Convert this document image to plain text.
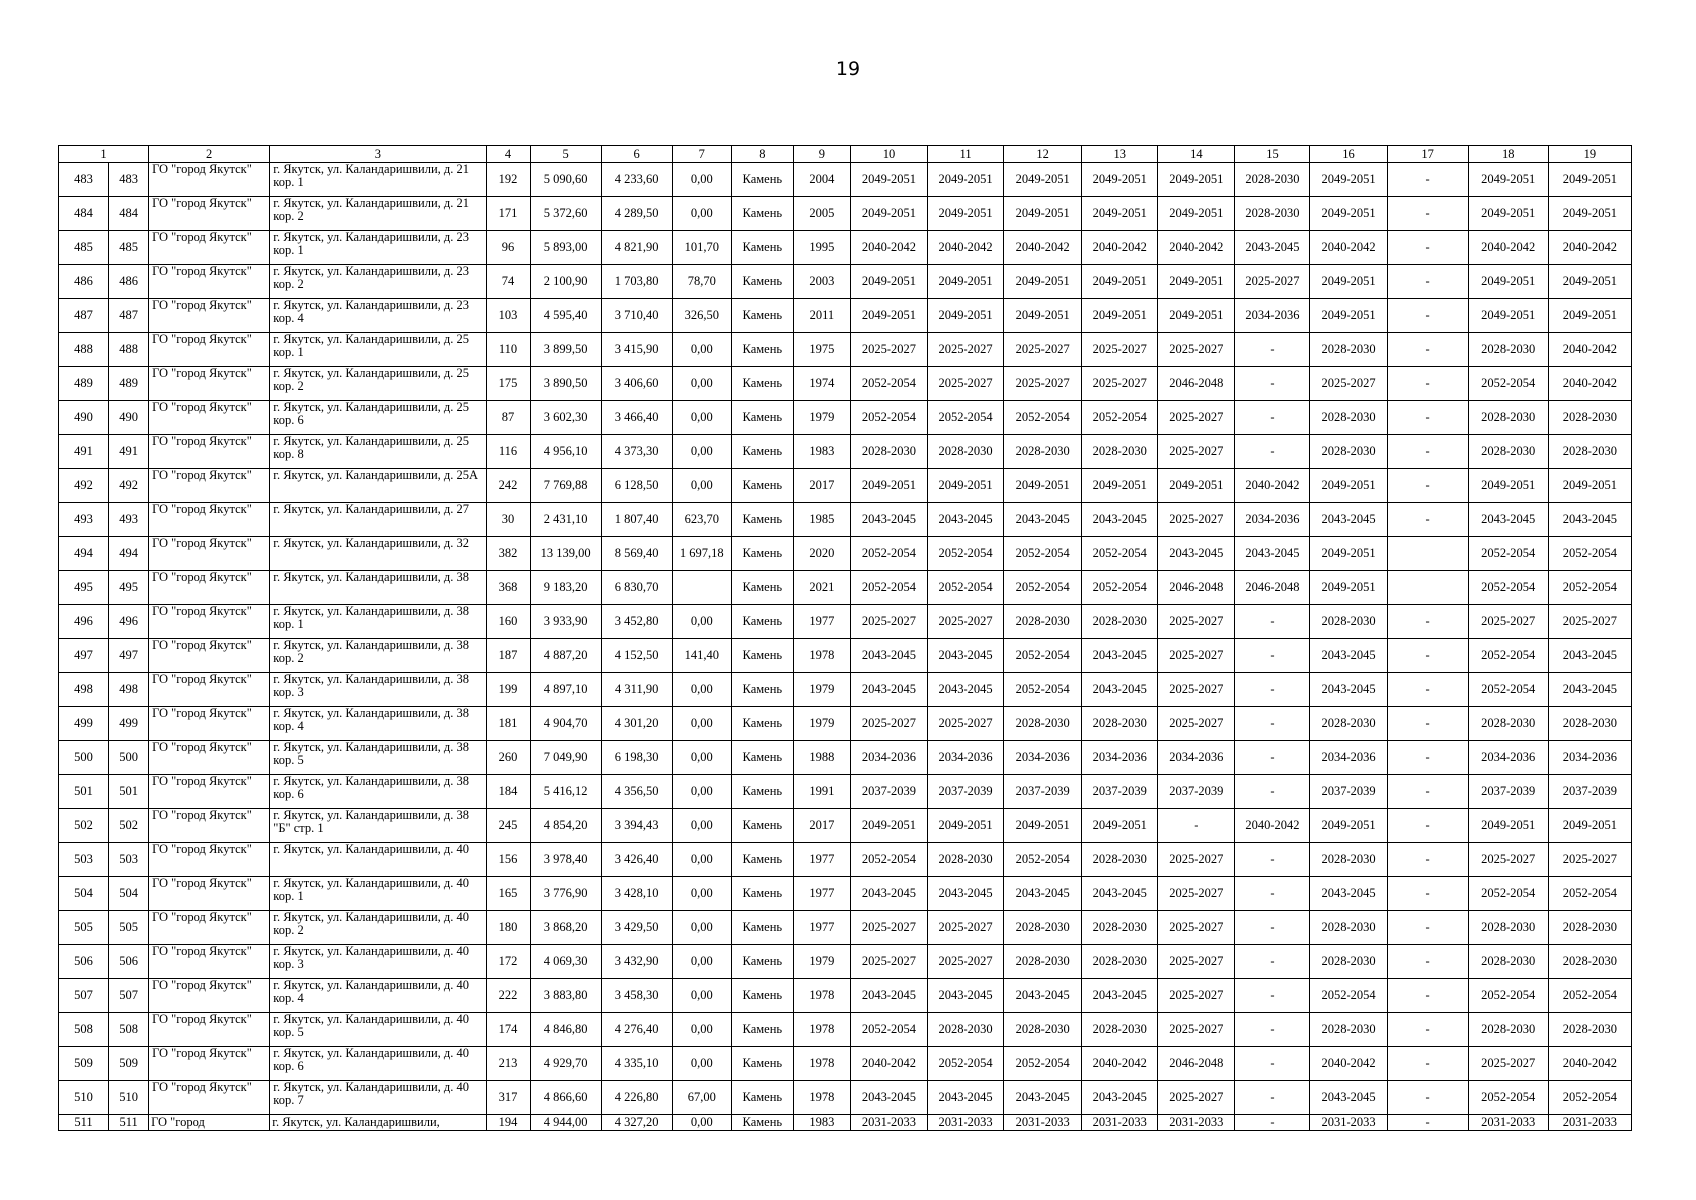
19
1		2	3	4	5	6	7	8	9	10	11	12	13	14	15	16	17	18	19
483	483	ГО "город Якутск"	г. Якутск, ул. Каландаришвили, д. 21 кор. 1	192	5 090,60	4 233,60	0,00	Камень	2004	2049-2051	2049-2051	2049-2051	2049-2051	2049-2051	2028-2030	2049-2051	-	2049-2051	2049-2051
484	484	ГО "город Якутск"	г. Якутск, ул. Каландаришвили, д. 21 кор. 2	171	5 372,60	4 289,50	0,00	Камень	2005	2049-2051	2049-2051	2049-2051	2049-2051	2049-2051	2028-2030	2049-2051	-	2049-2051	2049-2051
485	485	ГО "город Якутск"	г. Якутск, ул. Каландаришвили, д. 23 кор. 1	96	5 893,00	4 821,90	101,70	Камень	1995	2040-2042	2040-2042	2040-2042	2040-2042	2040-2042	2043-2045	2040-2042	-	2040-2042	2040-2042
486	486	ГО "город Якутск"	г. Якутск, ул. Каландаришвили, д. 23 кор. 2	74	2 100,90	1 703,80	78,70	Камень	2003	2049-2051	2049-2051	2049-2051	2049-2051	2049-2051	2025-2027	2049-2051	-	2049-2051	2049-2051
487	487	ГО "город Якутск"	г. Якутск, ул. Каландаришвили, д. 23 кор. 4	103	4 595,40	3 710,40	326,50	Камень	2011	2049-2051	2049-2051	2049-2051	2049-2051	2049-2051	2034-2036	2049-2051	-	2049-2051	2049-2051
488	488	ГО "город Якутск"	г. Якутск, ул. Каландаришвили, д. 25 кор. 1	110	3 899,50	3 415,90	0,00	Камень	1975	2025-2027	2025-2027	2025-2027	2025-2027	2025-2027	-	2028-2030	-	2028-2030	2040-2042
489	489	ГО "город Якутск"	г. Якутск, ул. Каландаришвили, д. 25 кор. 2	175	3 890,50	3 406,60	0,00	Камень	1974	2052-2054	2025-2027	2025-2027	2025-2027	2046-2048	-	2025-2027	-	2052-2054	2040-2042
490	490	ГО "город Якутск"	г. Якутск, ул. Каландаришвили, д. 25 кор. 6	87	3 602,30	3 466,40	0,00	Камень	1979	2052-2054	2052-2054	2052-2054	2052-2054	2025-2027	-	2028-2030	-	2028-2030	2028-2030
491	491	ГО "город Якутск"	г. Якутск, ул. Каландаришвили, д. 25 кор. 8	116	4 956,10	4 373,30	0,00	Камень	1983	2028-2030	2028-2030	2028-2030	2028-2030	2025-2027	-	2028-2030	-	2028-2030	2028-2030
492	492	ГО "город Якутск"	г. Якутск, ул. Каландаришвили, д. 25А	242	7 769,88	6 128,50	0,00	Камень	2017	2049-2051	2049-2051	2049-2051	2049-2051	2049-2051	2040-2042	2049-2051	-	2049-2051	2049-2051
493	493	ГО "город Якутск"	г. Якутск, ул. Каландаришвили, д. 27	30	2 431,10	1 807,40	623,70	Камень	1985	2043-2045	2043-2045	2043-2045	2043-2045	2025-2027	2034-2036	2043-2045	-	2043-2045	2043-2045
494	494	ГО "город Якутск"	г. Якутск, ул. Каландаришвили, д. 32	382	13 139,00	8 569,40	1 697,18	Камень	2020	2052-2054	2052-2054	2052-2054	2052-2054	2043-2045	2043-2045	2049-2051		2052-2054	2052-2054
495	495	ГО "город Якутск"	г. Якутск, ул. Каландаришвили, д. 38	368	9 183,20	6 830,70		Камень	2021	2052-2054	2052-2054	2052-2054	2052-2054	2046-2048	2046-2048	2049-2051		2052-2054	2052-2054
496	496	ГО "город Якутск"	г. Якутск, ул. Каландаришвили, д. 38 кор. 1	160	3 933,90	3 452,80	0,00	Камень	1977	2025-2027	2025-2027	2028-2030	2028-2030	2025-2027	-	2028-2030	-	2025-2027	2025-2027
497	497	ГО "город Якутск"	г. Якутск, ул. Каландаришвили, д. 38 кор. 2	187	4 887,20	4 152,50	141,40	Камень	1978	2043-2045	2043-2045	2052-2054	2043-2045	2025-2027	-	2043-2045	-	2052-2054	2043-2045
498	498	ГО "город Якутск"	г. Якутск, ул. Каландаришвили, д. 38 кор. 3	199	4 897,10	4 311,90	0,00	Камень	1979	2043-2045	2043-2045	2052-2054	2043-2045	2025-2027	-	2043-2045	-	2052-2054	2043-2045
499	499	ГО "город Якутск"	г. Якутск, ул. Каландаришвили, д. 38 кор. 4	181	4 904,70	4 301,20	0,00	Камень	1979	2025-2027	2025-2027	2028-2030	2028-2030	2025-2027	-	2028-2030	-	2028-2030	2028-2030
500	500	ГО "город Якутск"	г. Якутск, ул. Каландаришвили, д. 38 кор. 5	260	7 049,90	6 198,30	0,00	Камень	1988	2034-2036	2034-2036	2034-2036	2034-2036	2034-2036	-	2034-2036	-	2034-2036	2034-2036
501	501	ГО "город Якутск"	г. Якутск, ул. Каландаришвили, д. 38 кор. 6	184	5 416,12	4 356,50	0,00	Камень	1991	2037-2039	2037-2039	2037-2039	2037-2039	2037-2039	-	2037-2039	-	2037-2039	2037-2039
502	502	ГО "город Якутск"	г. Якутск, ул. Каландаришвили, д. 38 "Б" стр. 1	245	4 854,20	3 394,43	0,00	Камень	2017	2049-2051	2049-2051	2049-2051	2049-2051	-	2040-2042	2049-2051	-	2049-2051	2049-2051
503	503	ГО "город Якутск"	г. Якутск, ул. Каландаришвили, д. 40	156	3 978,40	3 426,40	0,00	Камень	1977	2052-2054	2028-2030	2052-2054	2028-2030	2025-2027	-	2028-2030	-	2025-2027	2025-2027
504	504	ГО "город Якутск"	г. Якутск, ул. Каландаришвили, д. 40 кор. 1	165	3 776,90	3 428,10	0,00	Камень	1977	2043-2045	2043-2045	2043-2045	2043-2045	2025-2027	-	2043-2045	-	2052-2054	2052-2054
505	505	ГО "город Якутск"	г. Якутск, ул. Каландаришвили, д. 40 кор. 2	180	3 868,20	3 429,50	0,00	Камень	1977	2025-2027	2025-2027	2028-2030	2028-2030	2025-2027	-	2028-2030	-	2028-2030	2028-2030
506	506	ГО "город Якутск"	г. Якутск, ул. Каландаришвили, д. 40 кор. 3	172	4 069,30	3 432,90	0,00	Камень	1979	2025-2027	2025-2027	2028-2030	2028-2030	2025-2027	-	2028-2030	-	2028-2030	2028-2030
507	507	ГО "город Якутск"	г. Якутск, ул. Каландаришвили, д. 40 кор. 4	222	3 883,80	3 458,30	0,00	Камень	1978	2043-2045	2043-2045	2043-2045	2043-2045	2025-2027	-	2052-2054	-	2052-2054	2052-2054
508	508	ГО "город Якутск"	г. Якутск, ул. Каландаришвили, д. 40 кор. 5	174	4 846,80	4 276,40	0,00	Камень	1978	2052-2054	2028-2030	2028-2030	2028-2030	2025-2027	-	2028-2030	-	2028-2030	2028-2030
509	509	ГО "город Якутск"	г. Якутск, ул. Каландаришвили, д. 40 кор. 6	213	4 929,70	4 335,10	0,00	Камень	1978	2040-2042	2052-2054	2052-2054	2040-2042	2046-2048	-	2040-2042	-	2025-2027	2040-2042
510	510	ГО "город Якутск"	г. Якутск, ул. Каландаришвили, д. 40 кор. 7	317	4 866,60	4 226,80	67,00	Камень	1978	2043-2045	2043-2045	2043-2045	2043-2045	2025-2027	-	2043-2045	-	2052-2054	2052-2054
511	511	ГО "город	г. Якутск, ул. Каландаришвили,	194	4 944,00	4 327,20	0,00	Камень	1983	2031-2033	2031-2033	2031-2033	2031-2033	2031-2033	-	2031-2033	-	2031-2033	2031-2033
